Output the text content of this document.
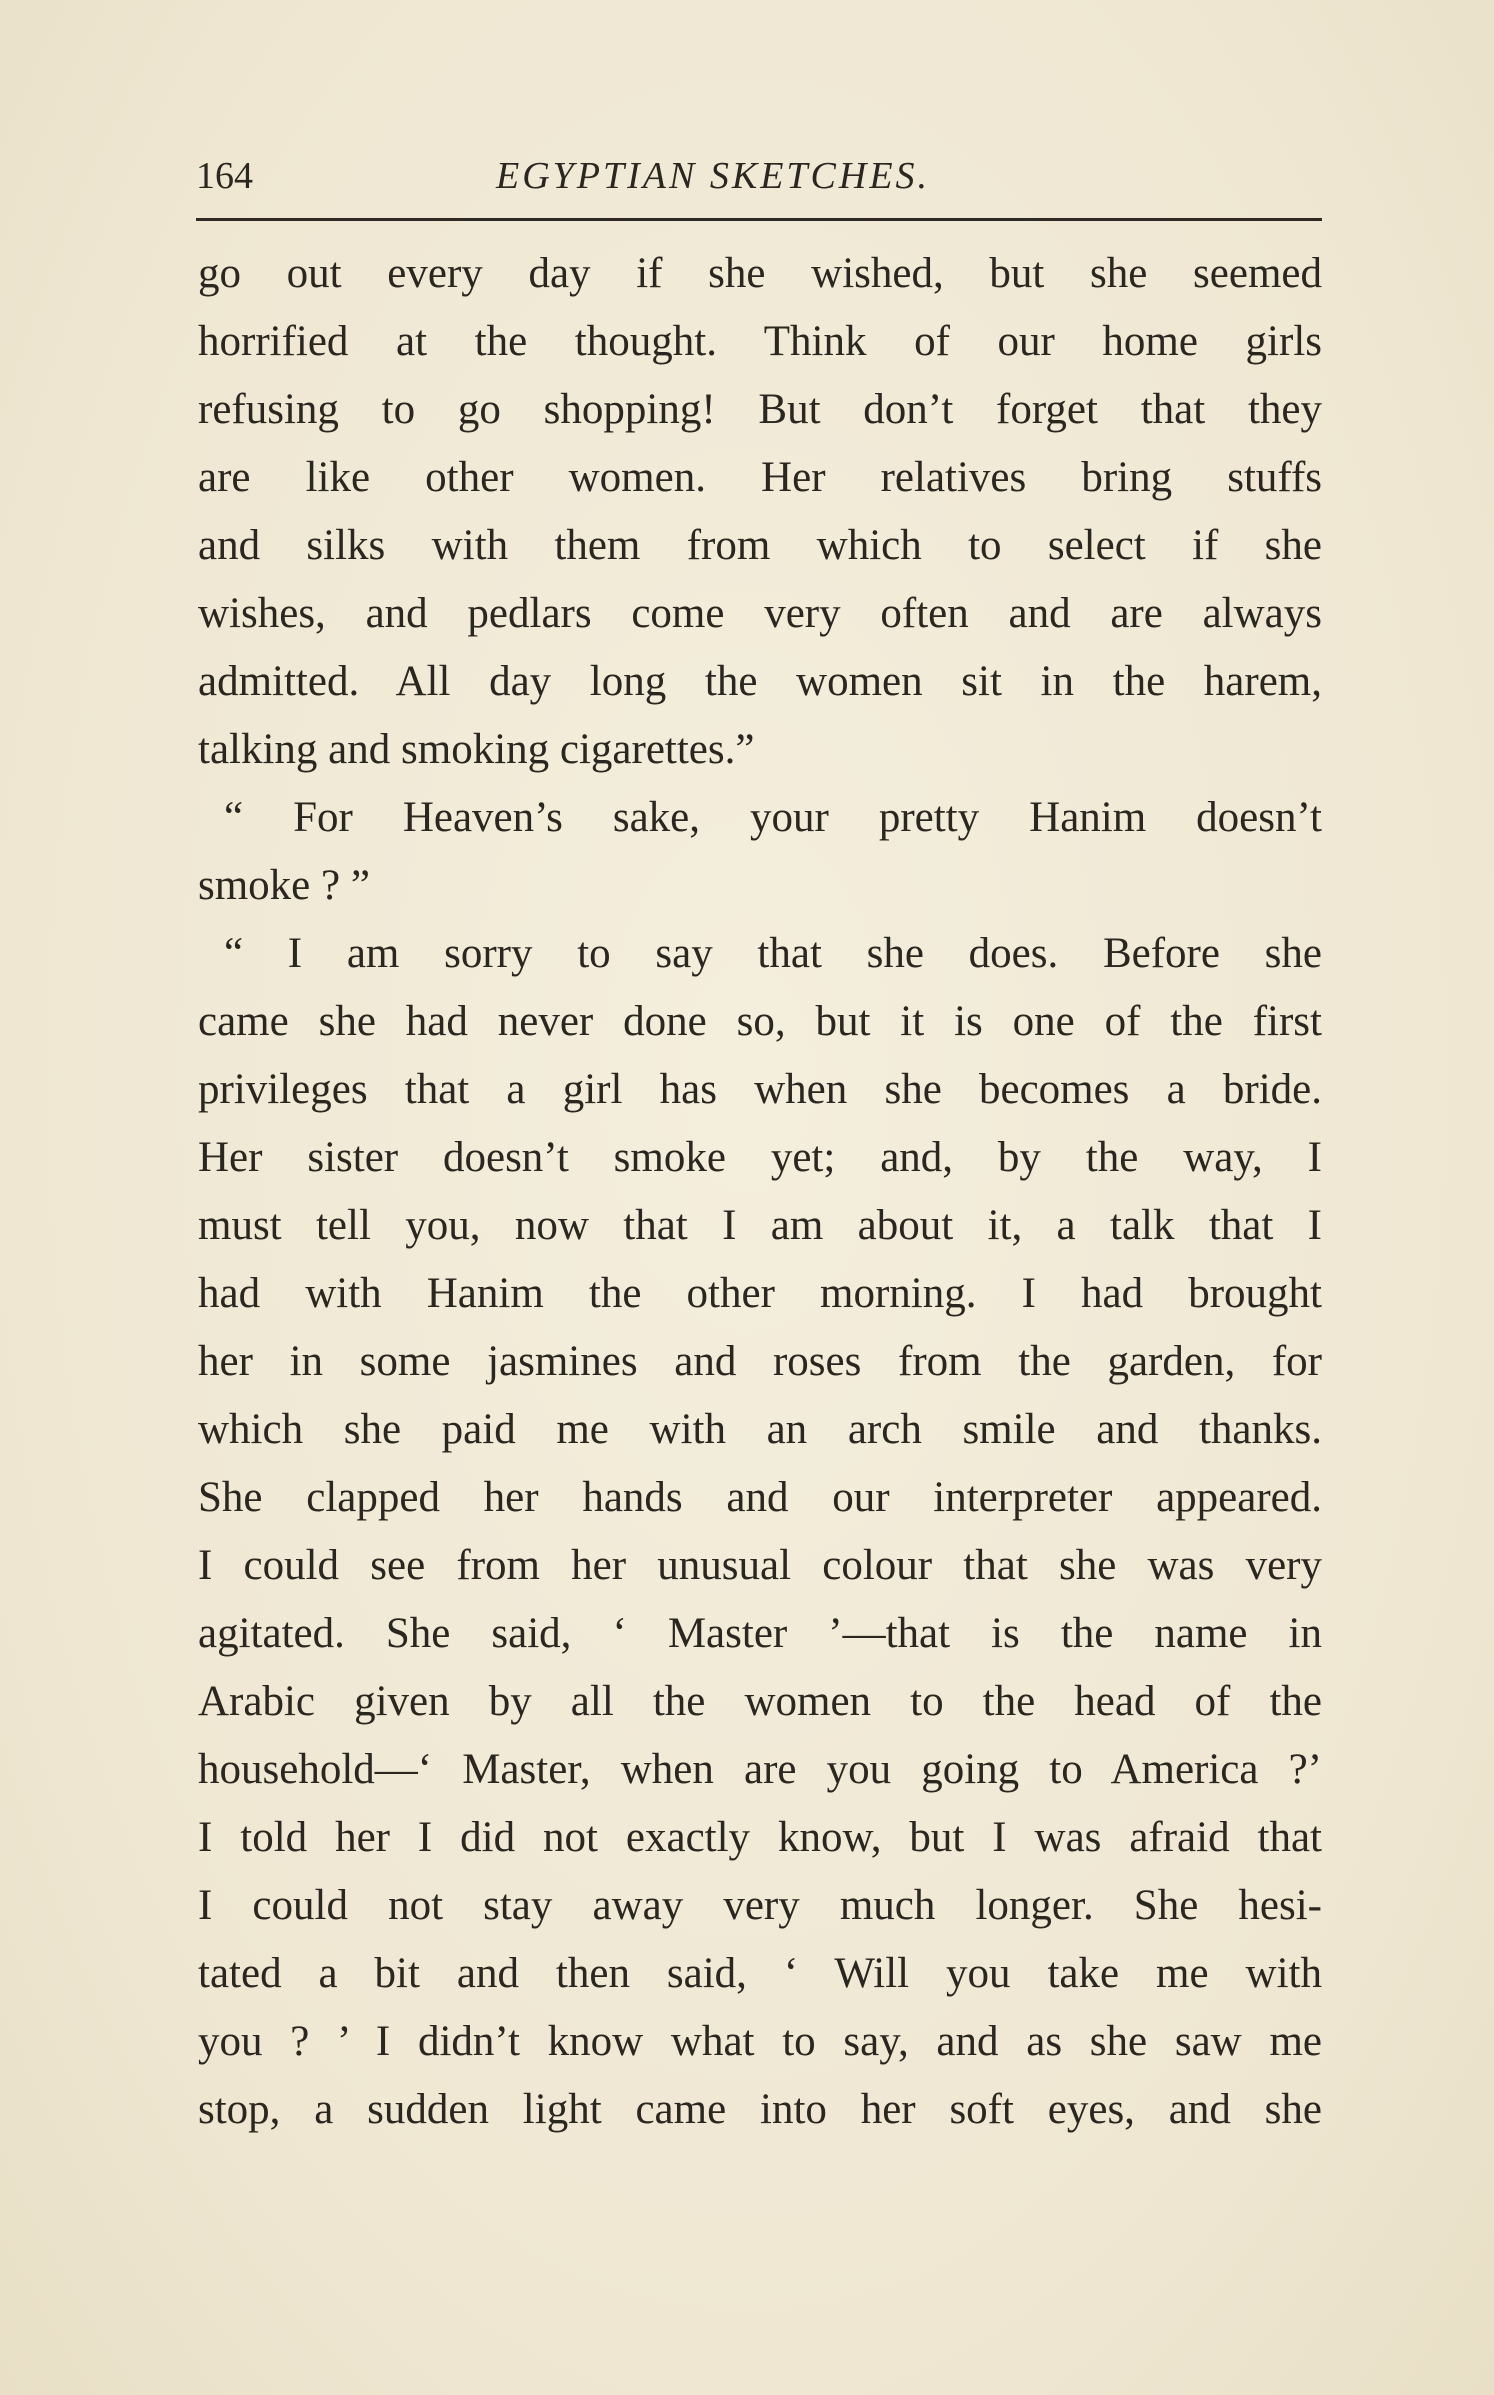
164	EGYPTIAN SKETCHES.
go out every day if she wished, but she seemed
horrified at the thought. Think of our home girls
refusing to go shopping! But don’t forget that they
are like other women. Her relatives bring stuffs
and silks with them from which to select if she
wishes, and pedlars come very often and are always
admitted. All day long the women sit in the harem,
talking and smoking cigarettes.”
“ For Heaven’s sake, your pretty Hanim doesn’t
smoke ? ”
“ I am sorry to say that she does. Before she
came she had never done so, but it is one of the first
privileges that a girl has when she becomes a bride.
Her sister doesn’t smoke yet; and, by the way, I
must tell you, now that I am about it, a talk that I
had with Hanim the other morning. I had brought
her in some jasmines and roses from the garden, for
which she paid me with an arch smile and thanks.
She clapped her hands and our interpreter appeared.
I could see from her unusual colour that she was very
agitated. She said, ‘ Master ’—that is the name in
Arabic given by all the women to the head of the
household—‘ Master, when are you going to America ?’
I told her I did not exactly know, but I was afraid that
I could not stay away very much longer. She hesi-
tated a bit and then said, ‘ Will you take me with
you ? ’ I didn’t know what to say, and as she saw me
stop, a sudden light came into her soft eyes, and she
